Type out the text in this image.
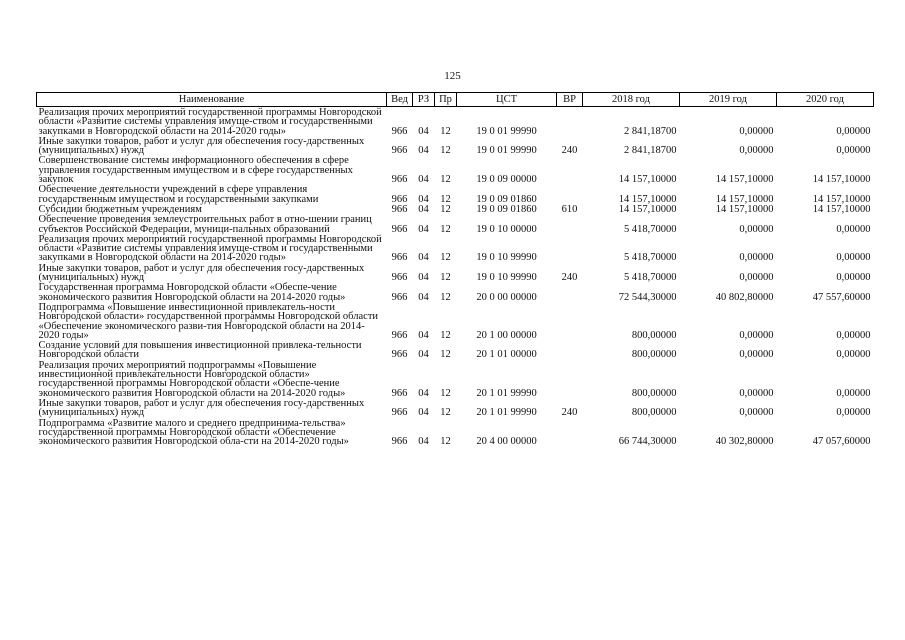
125
Наименование	Вед	РЗ	Пр	ЦСТ	ВР	2018 год	2019 год	2020 год
Реализация прочих мероприятий государственной программы Новгородской области «Развитие системы управления имуще-ством и государственными закупками в Новгородской области на 2014-2020 годы»	966	04	12	19 0 01 99990		2 841,18700	0,00000	0,00000
Иные закупки товаров, работ и услуг для обеспечения госу-дарственных (муниципальных) нужд	966	04	12	19 0 01 99990	240	2 841,18700	0,00000	0,00000
Совершенствование системы информационного обеспечения в сфере управления государственным имуществом и в сфере государственных закупок	966	04	12	19 0 09 00000		14 157,10000	14 157,10000	14 157,10000
Обеспечение деятельности учреждений в сфере управления государственным имуществом и государственными закупками	966	04	12	19 0 09 01860		14 157,10000	14 157,10000	14 157,10000
Субсидии бюджетным учреждениям	966	04	12	19 0 09 01860	610	14 157,10000	14 157,10000	14 157,10000
Обеспечение проведения землеустроительных работ в отно-шении границ субъектов Российской Федерации, муници-пальных образований	966	04	12	19 0 10 00000		5 418,70000	0,00000	0,00000
Реализация прочих мероприятий государственной программы Новгородской области «Развитие системы управления имуще-ством и государственными закупками в Новгородской области на 2014-2020 годы»	966	04	12	19 0 10 99990		5 418,70000	0,00000	0,00000
Иные закупки товаров, работ и услуг для обеспечения госу-дарственных (муниципальных) нужд	966	04	12	19 0 10 99990	240	5 418,70000	0,00000	0,00000
Государственная программа Новгородской области «Обеспе-чение экономического развития Новгородской области на 2014-2020 годы»	966	04	12	20 0 00 00000		72 544,30000	40 802,80000	47 557,60000
Подпрограмма «Повышение инвестиционной привлекатель-ности Новгородской области» государственной программы Новгородской области «Обеспечение экономического разви-тия Новгородской области на 2014-2020 годы»	966	04	12	20 1 00 00000		800,00000	0,00000	0,00000
Создание условий для повышения инвестиционной привлека-тельности Новгородской области	966	04	12	20 1 01 00000		800,00000	0,00000	0,00000
Реализация прочих мероприятий подпрограммы «Повышение инвестиционной привлекательности Новгородской области» государственной программы Новгородской области «Обеспе-чение экономического развития Новгородской области на 2014-2020 годы»	966	04	12	20 1 01 99990		800,00000	0,00000	0,00000
Иные закупки товаров, работ и услуг для обеспечения госу-дарственных (муниципальных) нужд	966	04	12	20 1 01 99990	240	800,00000	0,00000	0,00000
Подпрограмма «Развитие малого и среднего предпринима-тельства» государственной программы Новгородской области «Обеспечение экономического развития Новгородской обла-сти на 2014-2020 годы»	966	04	12	20 4 00 00000		66 744,30000	40 302,80000	47 057,60000
